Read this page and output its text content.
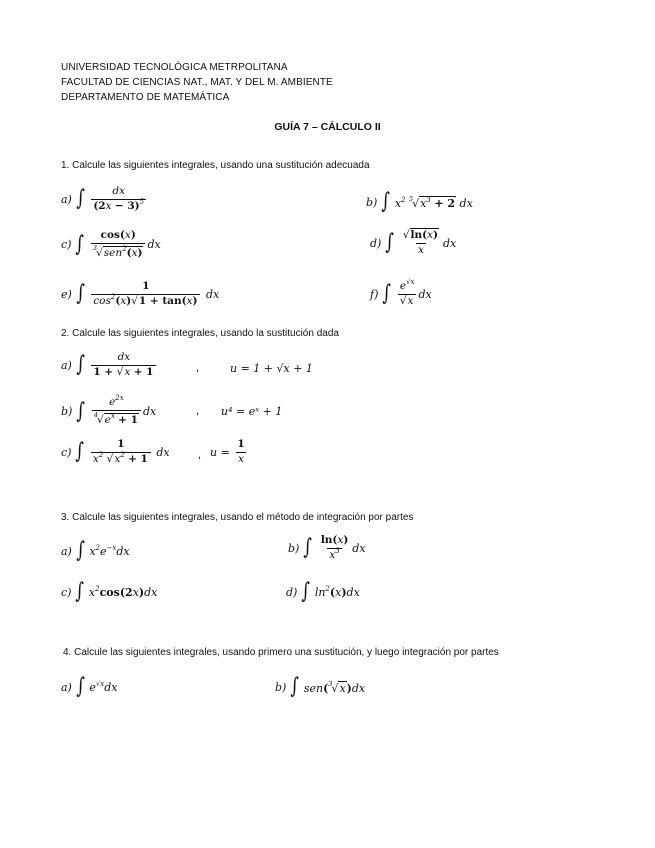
UNIVERSIDAD TECNOLÓGICA METRPOLITANA
FACULTAD DE CIENCIAS NAT., MAT. Y DEL M. AMBIENTE
DEPARTAMENTO DE MATEMÁTICA
GUÍA 7 – CÁLCULO II
1. Calcule las siguientes integrales, usando una sustitución adecuada
a) ∫ $\frac{dx}{(2x - 3)^5}$	b) ∫ $x^2$ $^5√x^3 + 2$ dx
c) ∫ $\frac{\cos(x)}{^3√sen^2(x)}$ dx	d) ∫ $\frac{√\ln(x)}{x}$ dx
e) ∫ $\frac{1}{\cos^2(x)√1 + \tan(x)}$ dx	f) ∫ $\frac{e^{√x}}{√x}$ dx
2. Calcule las siguientes integrales, usando la sustitución dada
a) ∫ $\frac{dx}{1 + √x + 1}$	,	u = 1 + √x + 1
b) ∫ $\frac{e^{2x}}{^4√e^x + 1}$ dx	, u⁴ = eˣ + 1
c) ∫ $\frac{1}{x^2 √x^2 + 1}$ dx	, u =
$\frac{1}{x}$
3. Calcule las siguientes integrales, usando el método de integración por partes
a) ∫ $x^2e^{-x}dx$	b) ∫ $\frac{\ln(x)}{x^3}$ dx
c) ∫ $x^2\cos(2x)dx$	d) ∫ $\ln^2(x)dx$
4. Calcule las siguientes integrales, usando primero una sustitución, y luego integración por partes
a) ∫ $e^{√x}dx$	b) ∫ sen($^3$√x)dx
